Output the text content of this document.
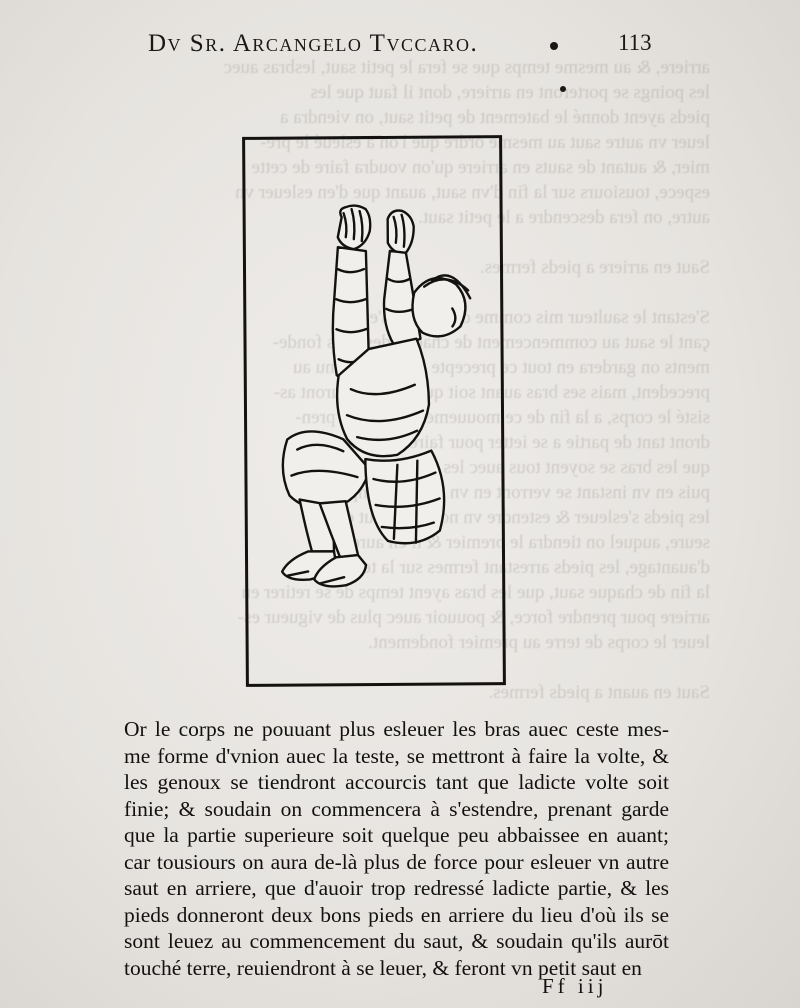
arriere, & au mesme temps que se fera le petit saut, lesbras auec
les poings se porteront en arriere, dont il faut que les
pieds ayent donné le batement de petit saut, on viendra a
leuer vn autre saut au mesme ordre que l'on a esleué le pre-
mier, & autant de sauts en arriere qu'on voudra faire de cette
espece, tousiours sur la fin d'vn saut, auant que d'en esleuer vn
autre, on fera descendre a le petit saut.

Saut en arriere a pieds fermes.

S'estant le saulteur mis comme
çant le saut au commencement de chacun des  fonde-
ments on gardera en tout ce precepte    au
precedent, mais ses bras auant soit que   auront as-
sisté le corps, a la fin de ce mouuement   pren-
dront tant de partie a se ietter pour faire
que les bras se soyent tous auec les
puis en vn instant se verront en vn  temps
les pieds s'esleuer & estendre vn
seure, auquel on tiendra le premier &   auroit
d'auantage, les pieds arrestant fermes sur la
la fin de chaque saut, que les bras ayent temps de se retirer en
arriere pour prendre force, & pouuoir auec plus de vigueur es-
leuer le corps de terre au premier fondement.

Saut en auant a pieds fermes.
Dv Sr. Arcangelo Tvccaro.	113
Or le corps ne pouuant plus esleuer les bras auec ceste mes-
me forme d'vnion auec la teste, se mettront à faire la volte, &
les genoux se tiendront accourcis tant que ladicte volte soit
finie; & soudain on commencera à s'estendre, prenant garde
que la partie superieure soit quelque peu abbaissee en auant;
car tousiours on aura de-là plus de force pour esleuer vn autre
saut en arriere, que d'auoir trop redressé ladicte partie, & les
pieds donneront deux bons pieds en arriere du lieu d'où ils se
sont leuez au commencement du saut, & soudain qu'ils aurōt
touché terre, reuiendront à se leuer, & feront vn petit saut en
Ff iij
